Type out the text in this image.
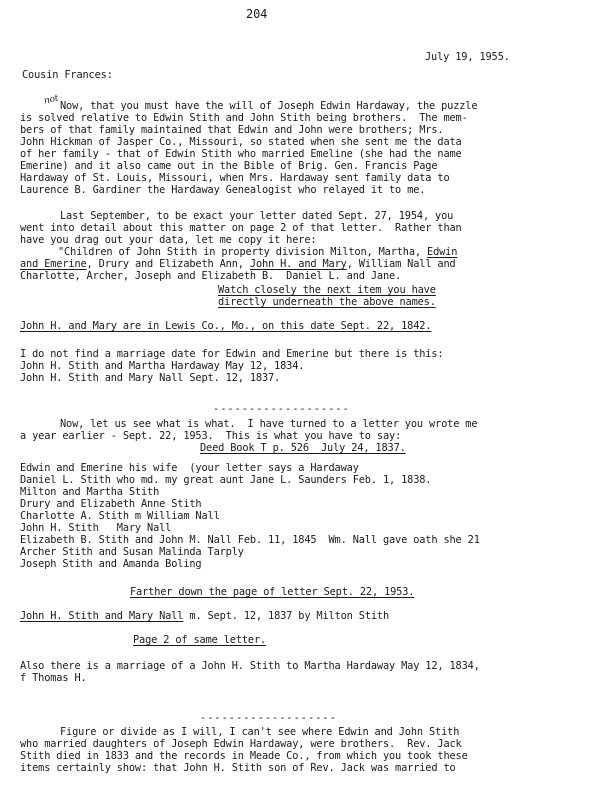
204
July 19, 1955.
Cousin Frances:
not Now, that you must have the will of Joseph Edwin Hardaway, the puzzle
is solved relative to Edwin Stith and John Stith being brothers.  The mem-
bers of that family maintained that Edwin and John were brothers; Mrs.
John Hickman of Jasper Co., Missouri, so stated when she sent me the data
of her family - that of Edwin Stith who married Emeline (she had the name
Emerine) and it also came out in the Bible of Brig. Gen. Francis Page
Hardaway of St. Louis, Missouri, when Mrs. Hardaway sent family data to
Laurence B. Gardiner the Hardaway Genealogist who relayed it to me.
Last September, to be exact your letter dated Sept. 27, 1954, you
went into detail about this matter on page 2 of that letter.  Rather than
have you drag out your data, let me copy it here:
"Children of John Stith in property division Milton, Martha, Edwin
and Emerine, Drury and Elizabeth Ann, John H. and Mary, William Nall and
Charlotte, Archer, Joseph and Elizabeth B.  Daniel L. and Jane.
Watch closely the next item you have
directly underneath the above names.
John H. and Mary are in Lewis Co., Mo., on this date Sept. 22, 1842.
I do not find a marriage date for Edwin and Emerine but there is this:
John H. Stith and Martha Hardaway May 12, 1834.
John H. Stith and Mary Nall Sept. 12, 1837.
-------------------
Now, let us see what is what.  I have turned to a letter you wrote me
a year earlier - Sept. 22, 1953.  This is what you have to say:
Deed Book T p. 526  July 24, 1837.
Edwin and Emerine his wife  (your letter says a Hardaway
Daniel L. Stith who md. my great aunt Jane L. Saunders Feb. 1, 1838.
Milton and Martha Stith
Drury and Elizabeth Anne Stith
Charlotte A. Stith m William Nall
John H. Stith   Mary Nall
Elizabeth B. Stith and John M. Nall Feb. 11, 1845  Wm. Nall gave oath she 21
Archer Stith and Susan Malinda Tarply
Joseph Stith and Amanda Boling
Farther down the page of letter Sept. 22, 1953.
John H. Stith and Mary Nall m. Sept. 12, 1837 by Milton Stith
Page 2 of same letter.
Also there is a marriage of a John H. Stith to Martha Hardaway May 12, 1834,
f Thomas H.
-------------------
Figure or divide as I will, I can't see where Edwin and John Stith
who married daughters of Joseph Edwin Hardaway, were brothers.  Rev. Jack
Stith died in 1833 and the records in Meade Co., from which you took these
items certainly show: that John H. Stith son of Rev. Jack was married to
